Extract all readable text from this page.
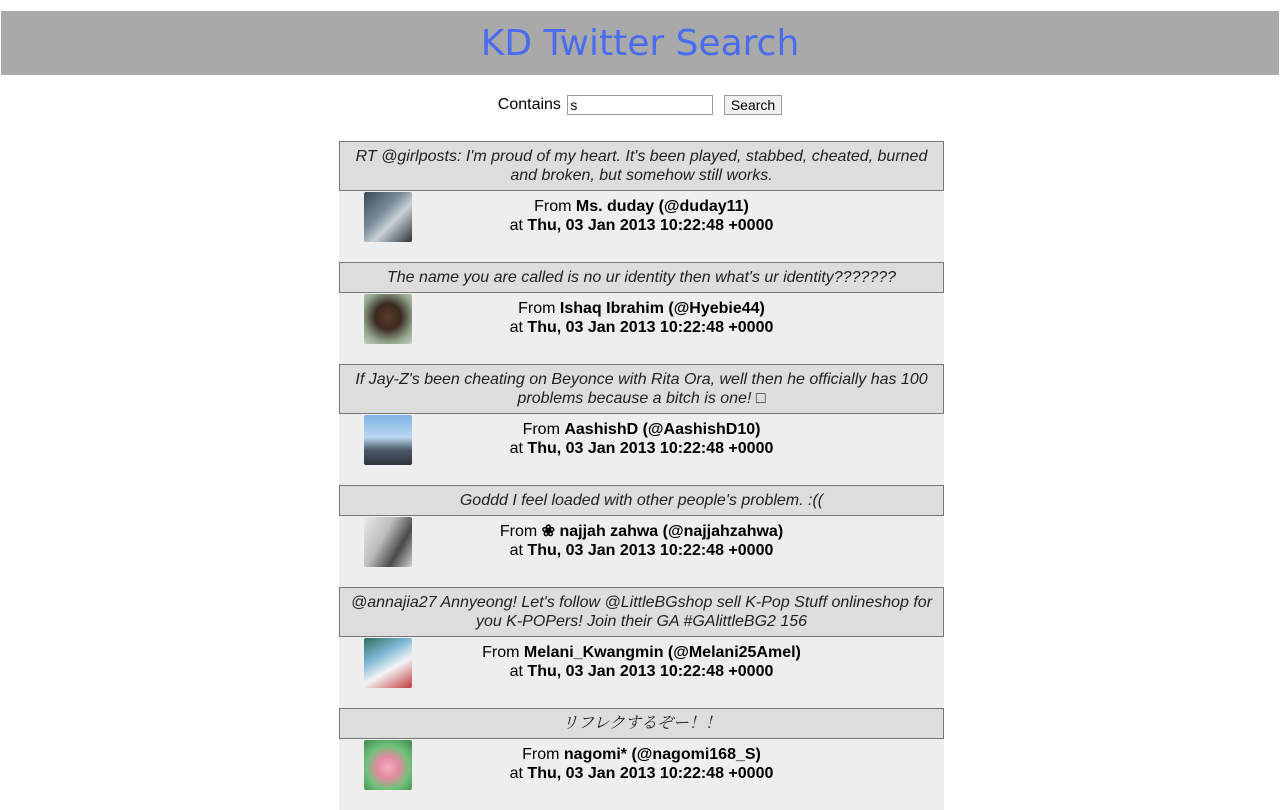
KD Twitter Search
Contains s	Search
RT @girlposts: I'm proud of my heart. It's been played, stabbed, cheated, burned and broken, but somehow still works.
From Ms. duday (@duday11)
at Thu, 03 Jan 2013 10:22:48 +0000
The name you are called is no ur identity then what's ur identity???????
From Ishaq Ibrahim (@Hyebie44)
at Thu, 03 Jan 2013 10:22:48 +0000
If Jay-Z's been cheating on Beyonce with Rita Ora, well then he officially has 100 problems because a bitch is one! □
From AashishD (@AashishD10)
at Thu, 03 Jan 2013 10:22:48 +0000
Goddd I feel loaded with other people's problem. :((
From ❀ najjah zahwa (@najjahzahwa)
at Thu, 03 Jan 2013 10:22:48 +0000
@annajia27 Annyeong! Let's follow @LittleBGshop sell K-Pop Stuff onlineshop for you K-POPers! Join their GA #GAlittleBG2 156
From Melani_Kwangmin (@Melani25Amel)
at Thu, 03 Jan 2013 10:22:48 +0000
リフレクするぞー！！
From nagomi* (@nagomi168_S)
at Thu, 03 Jan 2013 10:22:48 +0000
